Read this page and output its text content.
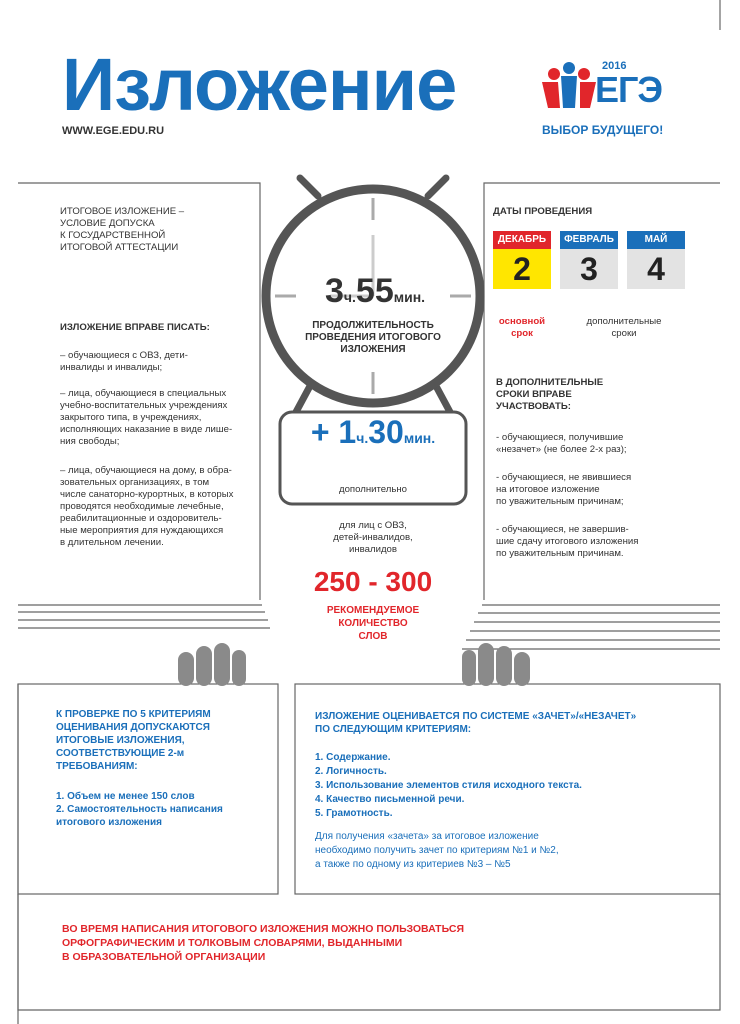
Изложение
WWW.EGE.EDU.RU
2016
ЕГЭ
ВЫБОР БУДУЩЕГО!
ИТОГОВОЕ ИЗЛОЖЕНИЕ –
УСЛОВИЕ ДОПУСКА
К ГОСУДАРСТВЕННОЙ
ИТОГОВОЙ АТТЕСТАЦИИ
ИЗЛОЖЕНИЕ ВПРАВЕ ПИСАТЬ:
– обучающиеся с ОВЗ, дети-
инвалиды и инвалиды;
– лица, обучающиеся в специальных
учебно-воспитательных учреждениях
закрытого типа, в учреждениях,
исполняющих наказание в виде лише-
ния свободы;
– лица, обучающиеся на дому, в обра-
зовательных организациях, в том
числе санаторно-курортных, в которых
проводятся необходимые лечебные,
реабилитационные и оздоровитель-
ные мероприятия для нуждающихся
в длительном лечении.
3ч.55мин.
ПРОДОЛЖИТЕЛЬНОСТЬ
ПРОВЕДЕНИЯ ИТОГОВОГО
ИЗЛОЖЕНИЯ
+ 1ч.30мин.
дополнительно
для лиц с ОВЗ,
детей-инвалидов,
инвалидов
250 - 300
РЕКОМЕНДУЕМОЕ
КОЛИЧЕСТВО
СЛОВ
ДАТЫ ПРОВЕДЕНИЯ
ДЕКАБРЬ
2
ФЕВРАЛЬ
3
МАЙ
4
основной
срок
дополнительные
сроки
В ДОПОЛНИТЕЛЬНЫЕ
СРОКИ ВПРАВЕ
УЧАСТВОВАТЬ:
- обучающиеся, получившие
«незачет» (не более 2-х раз);
- обучающиеся, не явившиеся
на итоговое изложение
по уважительным причинам;
- обучающиеся, не завершив-
шие сдачу итогового изложения
по уважительным причинам.
К ПРОВЕРКЕ ПО 5 КРИТЕРИЯМ
ОЦЕНИВАНИЯ ДОПУСКАЮТСЯ
ИТОГОВЫЕ ИЗЛОЖЕНИЯ,
СООТВЕТСТВУЮЩИЕ 2-м
ТРЕБОВАНИЯМ:
1. Объем не менее 150 слов
2. Самостоятельность написания
итогового изложения
ИЗЛОЖЕНИЕ ОЦЕНИВАЕТСЯ ПО СИСТЕМЕ «ЗАЧЕТ»/«НЕЗАЧЕТ»
ПО СЛЕДУЮЩИМ КРИТЕРИЯМ:
1. Содержание.
2. Логичность.
3. Использование элементов стиля исходного текста.
4. Качество письменной речи.
5. Грамотность.
Для получения «зачета» за итоговое изложение
необходимо получить зачет по критериям №1 и №2,
а также по одному из критериев №3 – №5
ВО ВРЕМЯ НАПИСАНИЯ ИТОГОВОГО ИЗЛОЖЕНИЯ МОЖНО ПОЛЬЗОВАТЬСЯ
ОРФОГРАФИЧЕСКИМ И ТОЛКОВЫМ СЛОВАРЯМИ, ВЫДАННЫМИ
В ОБРАЗОВАТЕЛЬНОЙ ОРГАНИЗАЦИИ
